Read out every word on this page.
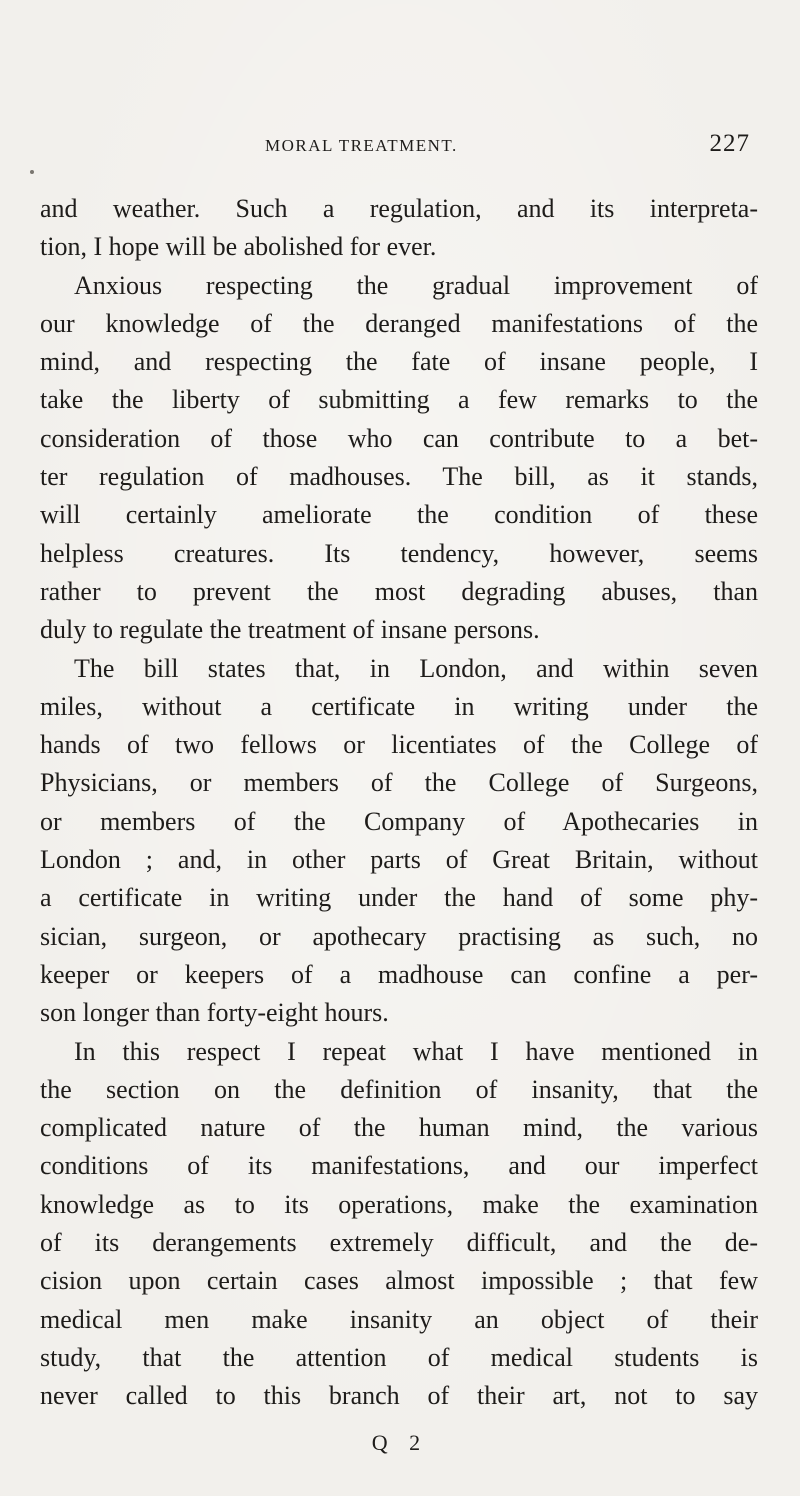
MORAL TREATMENT.	227
and weather. Such a regulation, and its interpreta-
tion, I hope will be abolished for ever.
Anxious respecting the gradual improvement of
our knowledge of the deranged manifestations of the
mind, and respecting the fate of insane people, I
take the liberty of submitting a few remarks to the
consideration of those who can contribute to a bet-
ter regulation of madhouses. The bill, as it stands,
will certainly ameliorate the condition of these
helpless creatures. Its tendency, however, seems
rather to prevent the most degrading abuses, than
duly to regulate the treatment of insane persons.
The bill states that, in London, and within seven
miles, without a certificate in writing under the
hands of two fellows or licentiates of the College of
Physicians, or members of the College of Surgeons,
or members of the Company of Apothecaries in
London ; and, in other parts of Great Britain, without
a certificate in writing under the hand of some phy-
sician, surgeon, or apothecary practising as such, no
keeper or keepers of a madhouse can confine a per-
son longer than forty-eight hours.
In this respect I repeat what I have mentioned in
the section on the definition of insanity, that the
complicated nature of the human mind, the various
conditions of its manifestations, and our imperfect
knowledge as to its operations, make the examination
of its derangements extremely difficult, and the de-
cision upon certain cases almost impossible ; that few
medical men make insanity an object of their
study, that the attention of medical students is
never called to this branch of their art, not to say
Q 2
